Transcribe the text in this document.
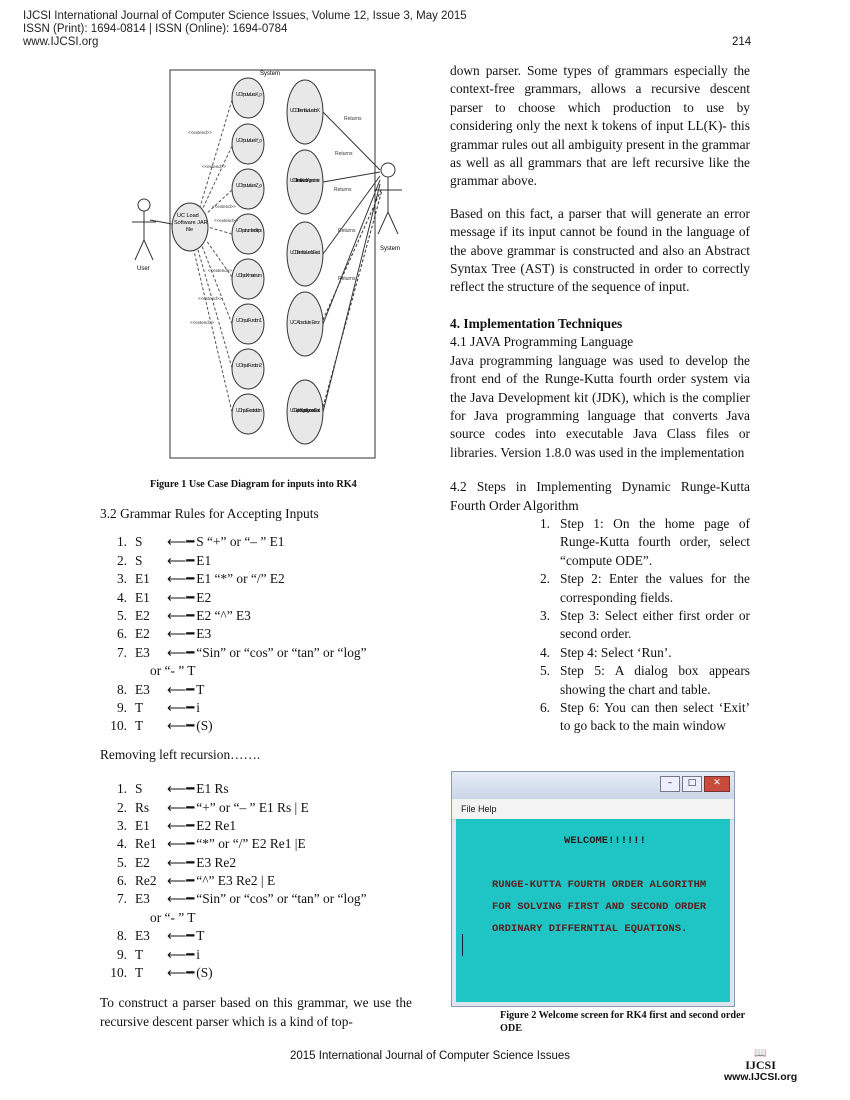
IJCSI International Journal of Computer Science Issues, Volume 12, Issue 3, May 2015
ISSN (Print): 1694-0814 | ISSN (Online): 1694-0784
www.IJCSI.org	214
System
User
System
UC Load Software JAR file
UC Input values X_o
UC Input values Y_o
UC Input values Z_o
UC Input number of steps
UC Input X maximum
UC Input Function 1
UC Input Function 2
UC Input Exact solution
<<extend>>
<<extend>>
<<extend>>
<<extend>>
<<extend>>
<<extend>>
<<extend>>
UC Differential values for X
UC Differential values for Approximate
UC Differential values for Exact
UC Absolute Error
UC Graph of X against Approx and Exact
Returns
Returns
Returns
Returns
Returns
Figure 1 Use Case Diagram for inputs into RK4
3.2 Grammar Rules for Accepting Inputs
1. S	⟵━ S “+” or “– ” E1
2. S	⟵━ E1
3. E1	⟵━ E1 “*” or “/” E2
4. E1	⟵━ E2
5. E2	⟵━ E2 “^” E3
6. E2	⟵━ E3
7. E3	⟵━ “Sin” or “cos” or “tan” or “log”
or “- ” T
8. E3	⟵━ T
9. T	⟵━ i
10. T	⟵━ (S)
Removing left recursion…….
1. S	⟵━ E1 Rs
2. Rs	⟵━ “+” or “– ” E1 Rs | E
3. E1	⟵━ E2 Re1
4. Re1 ⟵━ “*” or “/” E2 Re1 |E
5. E2	⟵━ E3 Re2
6. Re2 ⟵━ “^” E3 Re2 | E
7. E3	⟵━ “Sin” or “cos” or “tan” or “log”
or “- ” T
8. E3	⟵━ T
9. T	⟵━ i
10. T	⟵━ (S)
To construct a parser based on this grammar, we use the recursive descent parser which is a kind of top-
down parser. Some types of grammars especially the context-free grammars, allows a recursive descent parser to choose which production to use by considering only the next k tokens of input LL(K)- this grammar rules out all ambiguity present in the grammar as well as all grammars that are left recursive like the grammar above.
Based on this fact, a parser that will generate an error message if its input cannot be found in the language of the above grammar is constructed and also an Abstract Syntax Tree (AST) is constructed in order to correctly reflect the structure of the sequence of input.
4. Implementation Techniques
4.1 JAVA Programming Language
Java programming language was used to develop the front end of the Runge-Kutta fourth order system via the Java Development kit (JDK), which is the complier for Java programming language that converts Java source codes into executable Java Class files or libraries. Version 1.8.0 was used in the implementation
4.2 Steps in Implementing Dynamic Runge-Kutta Fourth Order Algorithm
1. Step 1: On the home page of Runge-Kutta fourth order, select “compute ODE”.
2. Step 2: Enter the values for the corresponding fields.
3. Step 3: Select either first order or second order.
4. Step 4: Select ‘Run’.
5. Step 5: A dialog box appears showing the chart and table.
6. Step 6: You can then select ‘Exit’ to go back to the main window
–	□	✕
File Help
WELCOME!!!!!!
RUNGE-KUTTA FOURTH ORDER ALGORITHM
FOR SOLVING FIRST AND SECOND ORDER
ORDINARY DIFFERNTIAL EQUATIONS.
Figure 2 Welcome screen for RK4 first and second order ODE
2015 International Journal of Computer Science Issues	📖
IJCSI
www.IJCSI.org
